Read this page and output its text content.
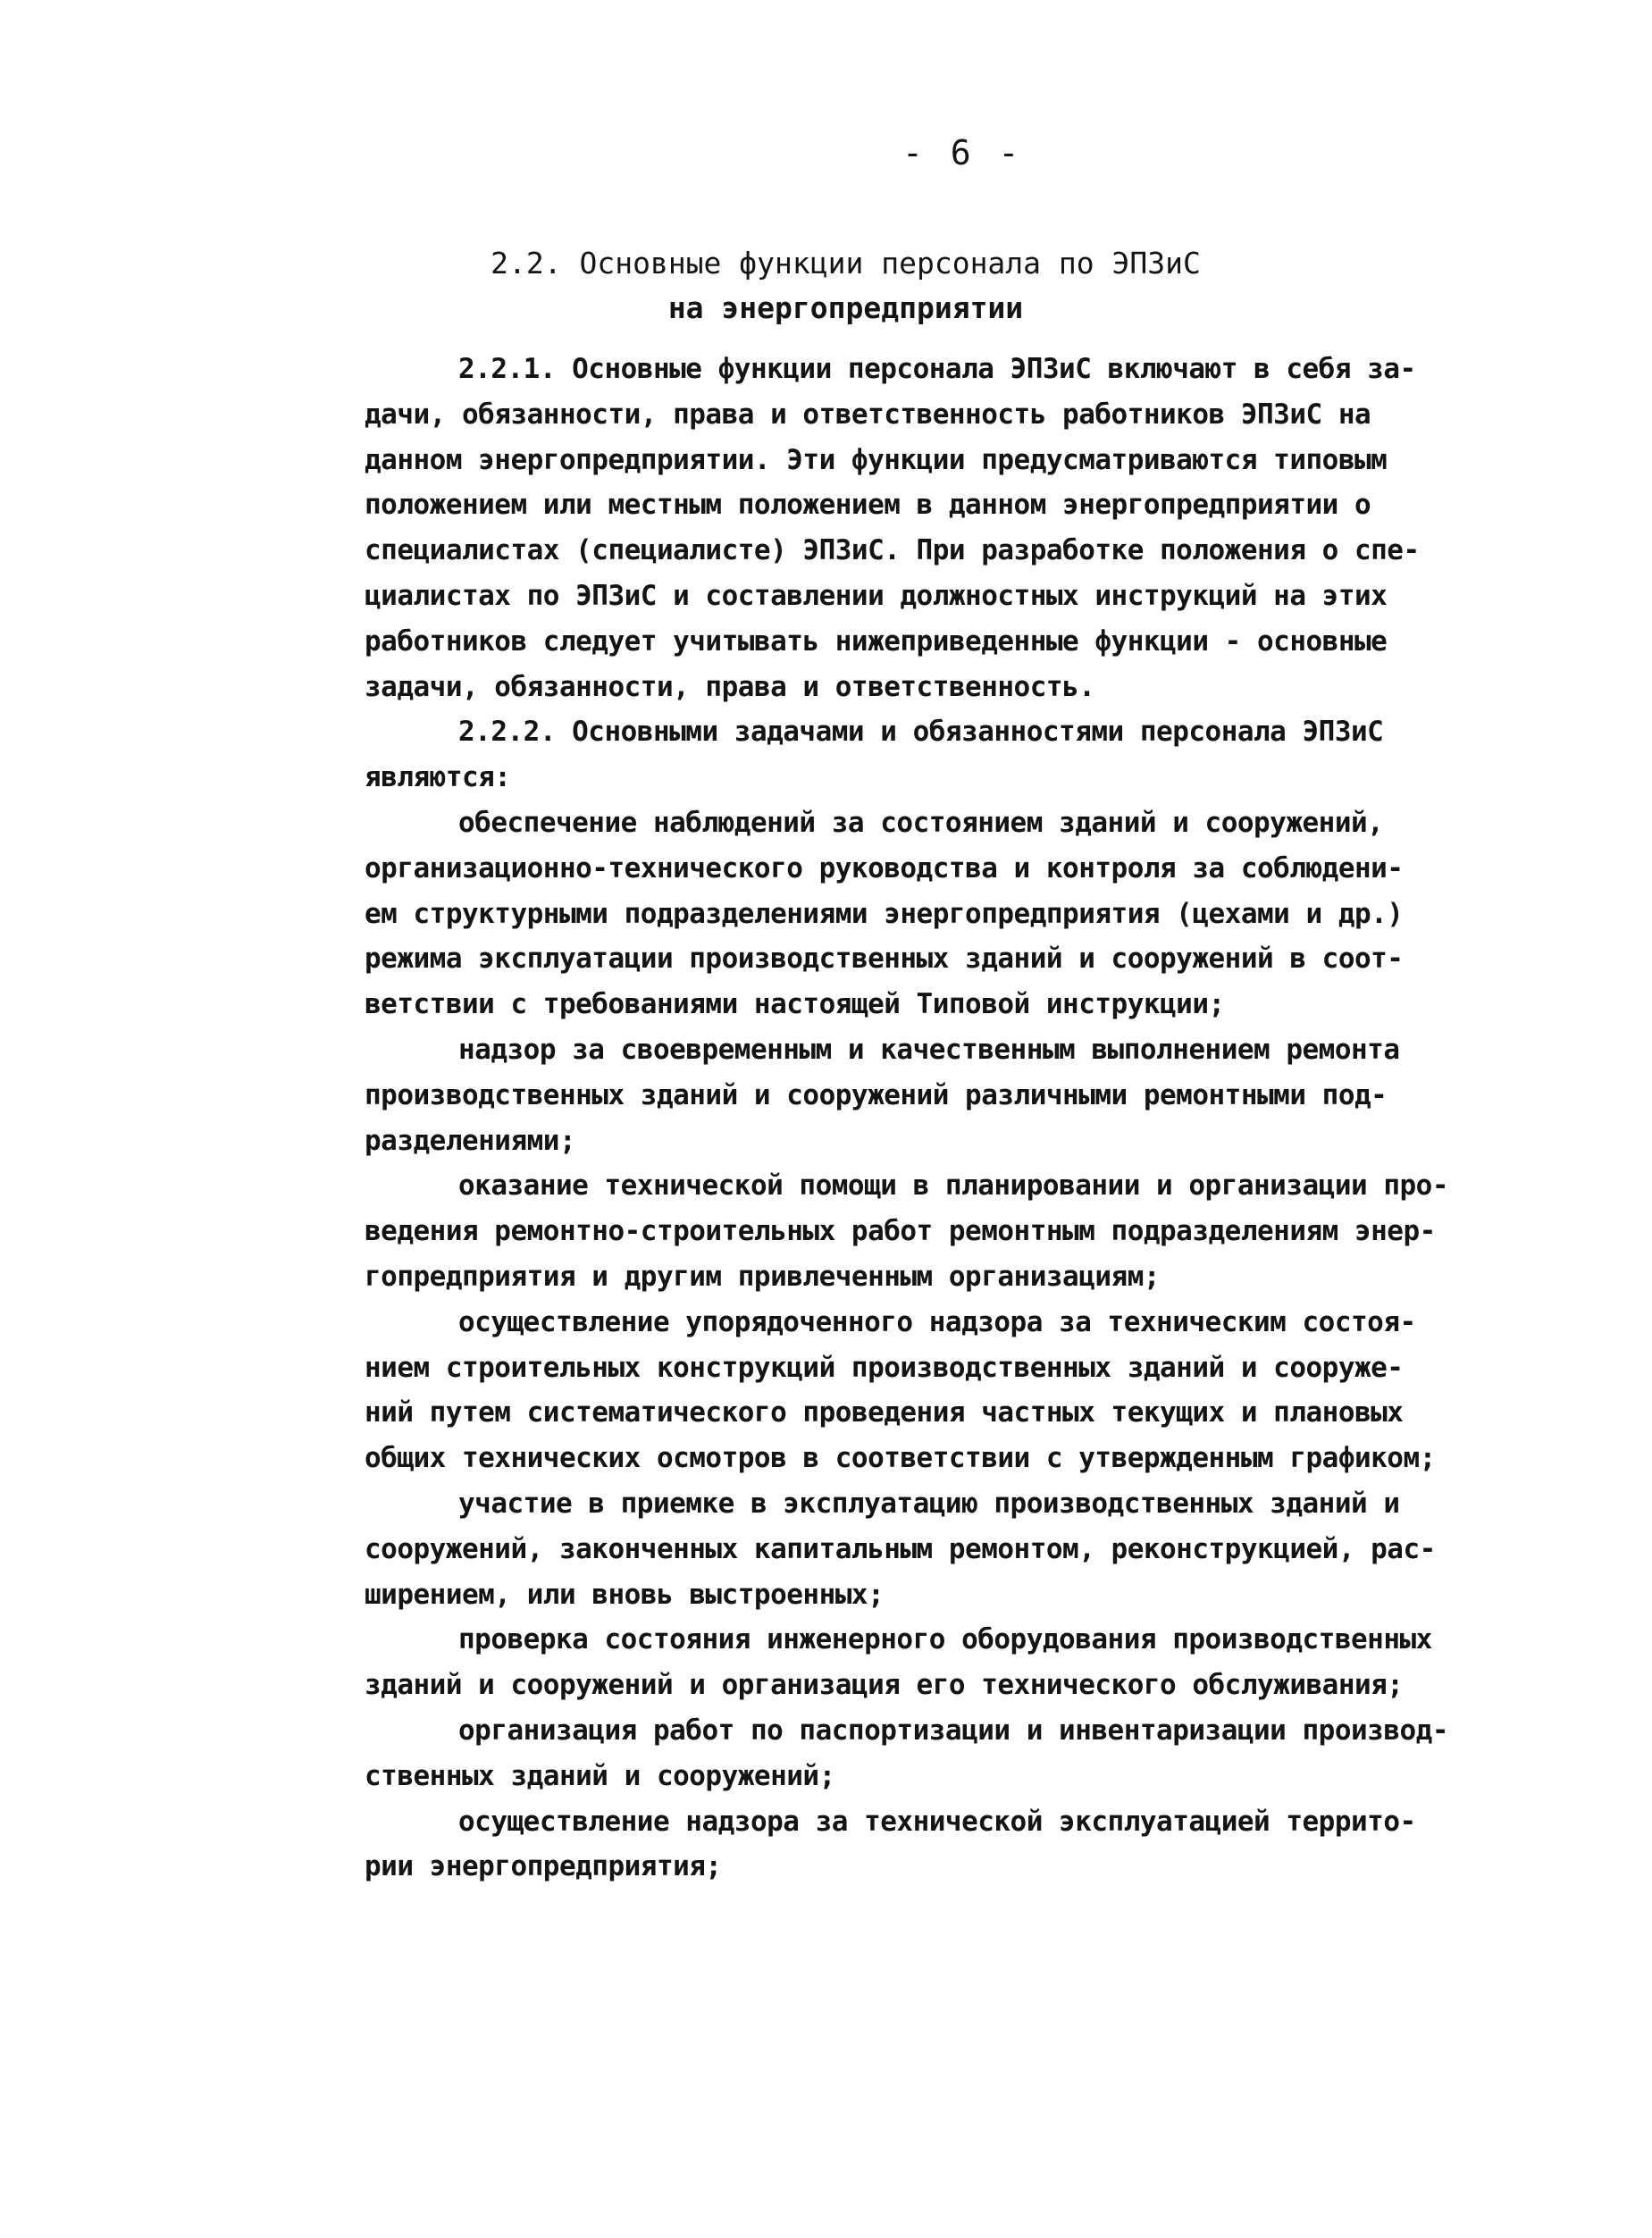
- 6 -
2.2. Основные функции персонала по ЭПЗиС
на энергопредприятии
2.2.1. Основные функции персонала ЭПЗиС включают в себя за-
дачи, обязанности, права и ответственность работников ЭПЗиС на
данном энергопредприятии. Эти функции предусматриваются типовым
положением или местным положением в данном энергопредприятии о
специалистах (специалисте) ЭПЗиС. При разработке положения о спе-
циалистах по ЭПЗиС и составлении должностных инструкций на этих
работников следует учитывать нижеприведенные функции - основные
задачи, обязанности, права и ответственность.
2.2.2. Основными задачами и обязанностями персонала ЭПЗиС
являются:
обеспечение наблюдений за состоянием зданий и сооружений,
организационно-технического руководства и контроля за соблюдени-
ем структурными подразделениями энергопредприятия (цехами и др.)
режима эксплуатации производственных зданий и сооружений в соот-
ветствии с требованиями настоящей Типовой инструкции;
надзор за своевременным и качественным выполнением ремонта
производственных зданий и сооружений различными ремонтными под-
разделениями;
оказание технической помощи в планировании и организации про-
ведения ремонтно-строительных работ ремонтным подразделениям энер-
гопредприятия и другим привлеченным организациям;
осуществление упорядоченного надзора за техническим состоя-
нием строительных конструкций производственных зданий и сооруже-
ний путем систематического проведения частных текущих и плановых
общих технических осмотров в соответствии с утвержденным графиком;
участие в приемке в эксплуатацию производственных зданий и
сооружений, законченных капитальным ремонтом, реконструкцией, рас-
ширением, или вновь выстроенных;
проверка состояния инженерного оборудования производственных
зданий и сооружений и организация его технического обслуживания;
организация работ по паспортизации и инвентаризации производ-
ственных зданий и сооружений;
осуществление надзора за технической эксплуатацией террито-
рии энергопредприятия;
